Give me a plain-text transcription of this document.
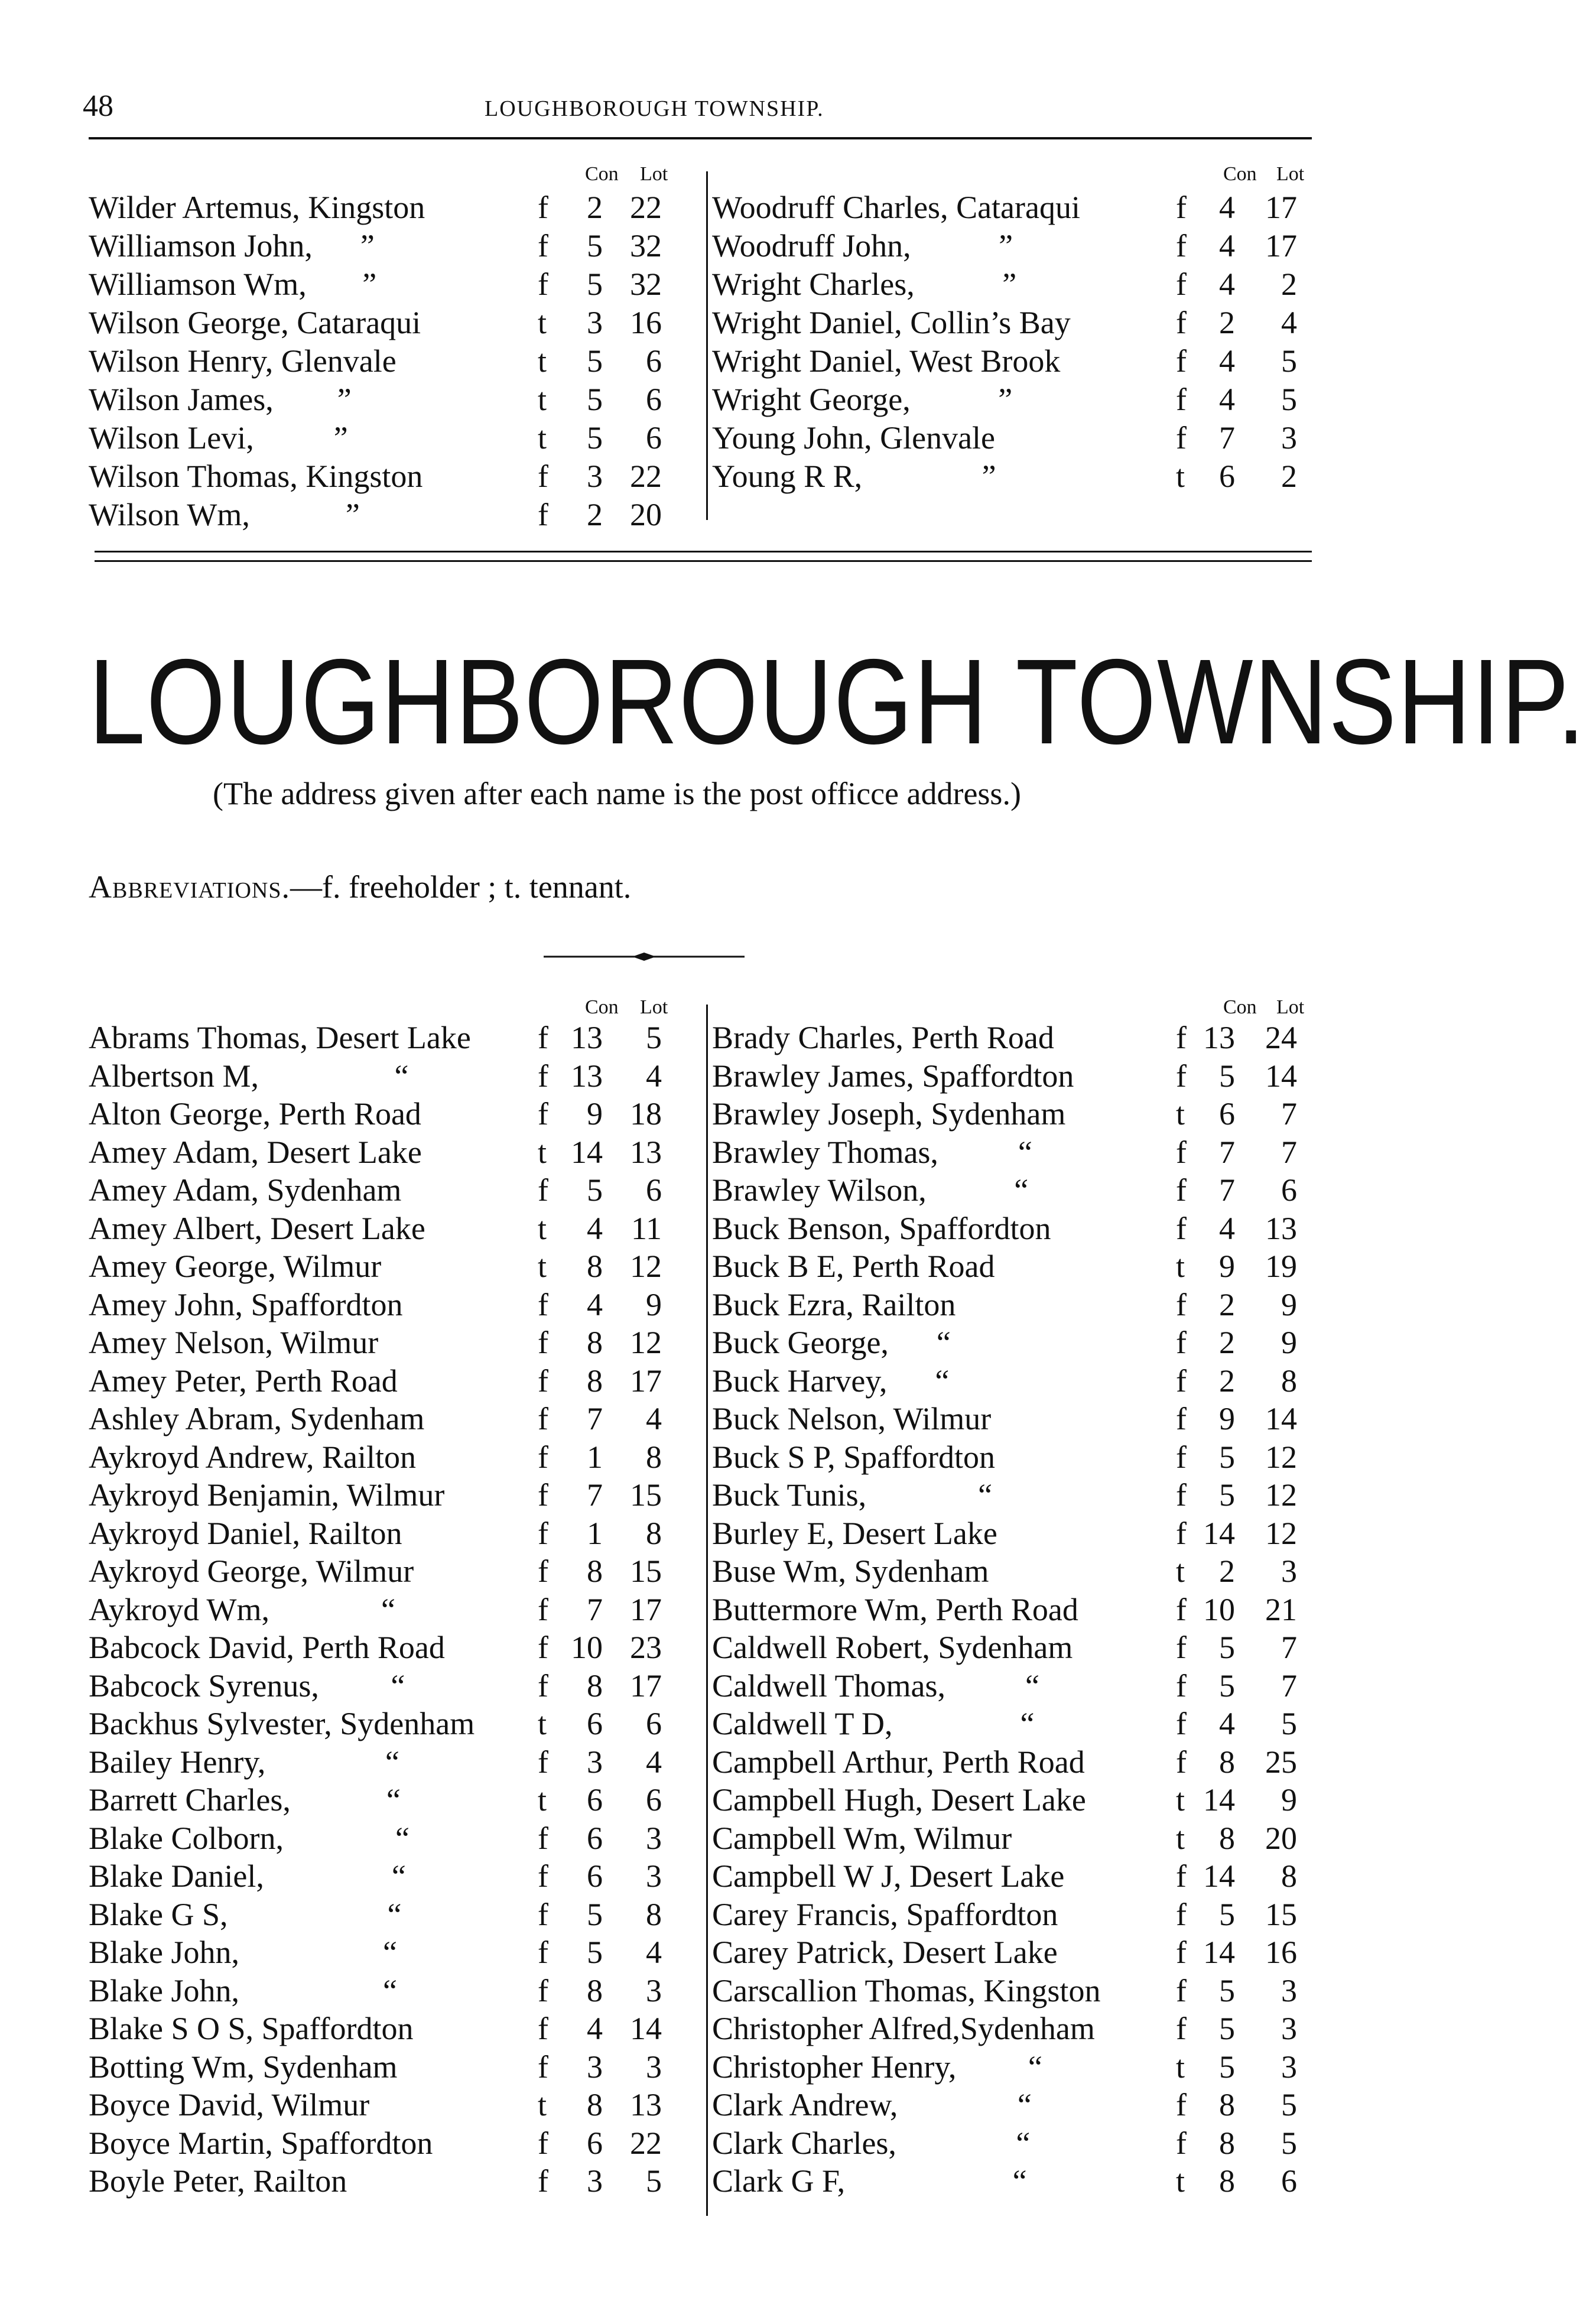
48	LOUGHBOROUGH TOWNSHIP.
Con Lot	Con Lot
Wilder Artemus, Kingston	f	2 22
Williamson John,      ”	f	5 32
Williamson Wm,       ”	f	5 32
Wilson George, Cataraqui	t	3 16
Wilson Henry, Glenvale	t	5	6
Wilson James,        ”	t	5	6
Wilson Levi,          ”	t	5	6
Wilson Thomas, Kingston	f	3 22
Wilson Wm,            ”	f	2 20
Woodruff Charles, Cataraqui	f	4 17
Woodruff John,           ”	f	4 17
Wright Charles,           ”	f	4	2
Wright Daniel, Collin’s Bay	f	2	4
Wright Daniel, West Brook	f	4	5
Wright George,           ”	f	4	5
Young John, Glenvale	f	7	3
Young R R,               ”	t	6	2
LOUGHBOROUGH TOWNSHIP.
(The address given after each name is the post officce address.)
Abbreviations.—f. freeholder ; t. tennant.
Con Lot	Con Lot
Abrams Thomas, Desert Lake f 13	5
Albertson M,                 “	f 13	4
Alton George, Perth Road	f	9 18
Amey Adam, Desert Lake	t 14 13
Amey Adam, Sydenham	f	5	6
Amey Albert, Desert Lake	t	4 11
Amey George, Wilmur	t	8 12
Amey John, Spaffordton	f	4	9
Amey Nelson, Wilmur	f	8 12
Amey Peter, Perth Road	f	8 17
Ashley Abram, Sydenham	f	7	4
Aykroyd Andrew, Railton	f	1	8
Aykroyd Benjamin, Wilmur	f	7 15
Aykroyd Daniel, Railton	f	1	8
Aykroyd George, Wilmur	f	8 15
Aykroyd Wm,              “	f	7 17
Babcock David, Perth Road	f 10 23
Babcock Syrenus,         “	f	8 17
Backhus Sylvester, Sydenham t	6	6
Bailey Henry,               “	f	3	4
Barrett Charles,            “	t	6	6
Blake Colborn,              “	f	6	3
Blake Daniel,                “	f	6	3
Blake G S,                    “	f	5	8
Blake John,                  “	f	5	4
Blake John,                  “	f	8	3
Blake S O S, Spaffordton	f	4 14
Botting Wm, Sydenham	f	3	3
Boyce David, Wilmur	t	8 13
Boyce Martin, Spaffordton	f	6 22
Boyle Peter, Railton	f	3	5
Brady Charles, Perth Road	f 13 24
Brawley James, Spaffordton	f	5 14
Brawley Joseph, Sydenham	t	6	7
Brawley Thomas,          “	f	7	7
Brawley Wilson,           “	f	7	6
Buck Benson, Spaffordton	f	4 13
Buck B E, Perth Road	t	9 19
Buck Ezra, Railton	f	2	9
Buck George,      “	f	2	9
Buck Harvey,      “	f	2	8
Buck Nelson, Wilmur	f	9 14
Buck S P, Spaffordton	f	5 12
Buck Tunis,              “	f	5 12
Burley E, Desert Lake	f 14 12
Buse Wm, Sydenham	t	2	3
Buttermore Wm, Perth Road	f 10 21
Caldwell Robert, Sydenham	f	5	7
Caldwell Thomas,          “	f	5	7
Caldwell T D,                “	f	4	5
Campbell Arthur, Perth Road	f	8 25
Campbell Hugh, Desert Lake	t 14	9
Campbell Wm, Wilmur	t	8 20
Campbell W J, Desert Lake	f 14	8
Carey Francis, Spaffordton	f	5 15
Carey Patrick, Desert Lake	f 14 16
Carscallion Thomas, Kingston f	5	3
Christopher Alfred,Sydenham	f	5	3
Christopher Henry,         “	t	5	3
Clark Andrew,               “	f	8	5
Clark Charles,               “	f	8	5
Clark G F,                     “	t	8	6
